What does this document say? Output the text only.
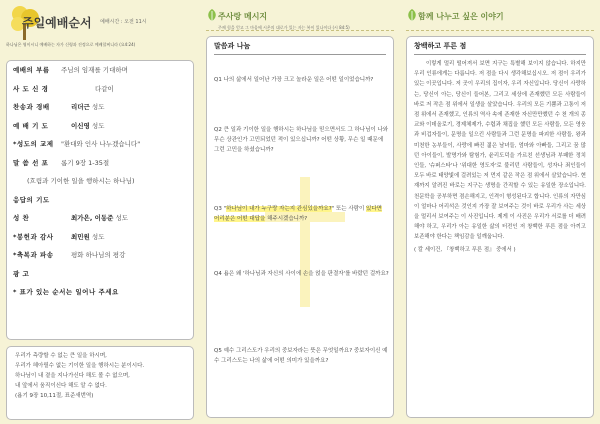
주일예배순서 예배시간 : 오전 11시
하나님은 영이시니 예배하는 자가 신령과 진정으로 예배할찌니라 (요4:24)
예배의 부름	주님의 임재를 기대하며
사 도 신 경	다같이
찬송과 경배	리더근 성도
예 배 기 도	이신영 성도
*성도의 교제	"환대와 인사 나누겠습니다"
말 씀 선 포	롬기 9장 1-35절
(흐림과 기이한 일을 행하시는 하나님)
응답의 기도
성 찬	최가은, 이동준 성도
*봉헌과 감사	최민원 성도
*축복과 파송	평화 하나님의 평강
광 고
* 표가 있는 순서는 일어나 주세요
우리가 측량할 수 없는 큰 일을 하시며,
우리가 헤아릴수 없는 기이한 일을 행하시는 분이시다.
하나님이 내 곁을 지나가신다 해도 볼 수 없으며,
내 앞에서 움직이신다 해도 알 수 없다.
(욥기 9장 10,11절, 표준새번역)
주사랑 메시지
주께 힘을 얻고 그 마음에 시온의 대로가 있는 자는 복이 있나이다 (시 84:5)
말씀과 나눔
Q1 나의 삶에서 일어난 가장 크고 놀라운 일은 어떤 일이었습니까?
Q2 큰 일과 기이한 일을 행하시는 하나님을 믿으면서도 그 하나님이 나와 무슨 상관인가 고민되었던 적이 있으십니까? 어떤 상황, 무슨 일 때문에 그런 고민을 하셨습니까?
Q3 "하나님이 내가 누구랑 자는지 관심있을까요?" 또는 사람이 있다면 어리분은 어떤 대답을 해주시겠습니까?
Q4 욥은 왜 '하나님과 자신의 사이에 손을 얹을 판결자'를 바랐던 걸까요?
Q5 예수 그리스도가 우리의 중보자라는 뜻은 무엇일까요? 중보자이신 예수 그리스도는 나의 삶에 어떤 의미가 있을까요?
함께 나누고 싶은 이야기
창백하고 푸른 점
이렇게 멀리 떨어져서 보면 지구는 특별해 보이지 않습니다. 하지만 우리 인류에게는 다릅니다. 저 점을 다시 생각해보십시오. 저 점이 우리가 있는 이곳입니다. 저 곳이 우리의 집이자, 우리 자신입니다. 당신이 사랑하는, 당신이 아는, 당신이 들어본, 그리고 세상에 존재했던 모든 사람들이 바로 저 작은 점 위에서 일생을 살았습니다. 우리의 모든 기쁨과 고통이 저 점 위에서 존재했고, 인류의 역사 속에 존재한 자신만만했던 수 천 개의 종교와 이데올로기, 경제체제가, 수렵과 채집을 했던 모든 사람들, 모든 영웅과 비겁자들이, 문명을 일으킨 사람들과 그런 문명을 파괴한 사람들, 왕과 미천한 농부들이, 사랑에 빠진 젊은 남녀들, 엄마와 아빠들, 그리고 꿈 많던 아이들이, 발명가와 탐험가, 윤리도덕을 가르친 선생님과 부패한 정치인들, '슈퍼스타'나 '위대한 영도자'로 불리던 사람들이, 성자나 죄인들이 모두 바로 태양빛에 걸려있는 저 먼지 같은 작은 점 위에서 살았습니다. 현재까지 알려진 바로는 지구는 생명을 간직할 수 있는 유일한 장소입니다. 천문학을 공부하면 겸손해지고, 인격이 형성된다고 합니다. 인류의 자만심이 얼마나 어리석은 것인지 가장 잘 보여주는 것이 바로 우리가 사는 세상을 멀리서 보여주는 이 사진입니다. 제게 이 사진은 우리가 서로를 더 배려해야 하고, 우리가 아는 유일한 삶의 터전인 저 창백한 푸른 점을 아끼고 보존해야 한다는 책임감을 일깨웁니다.
( 칼 세이건, 『창백하고 푸른 점』 중에서 )
